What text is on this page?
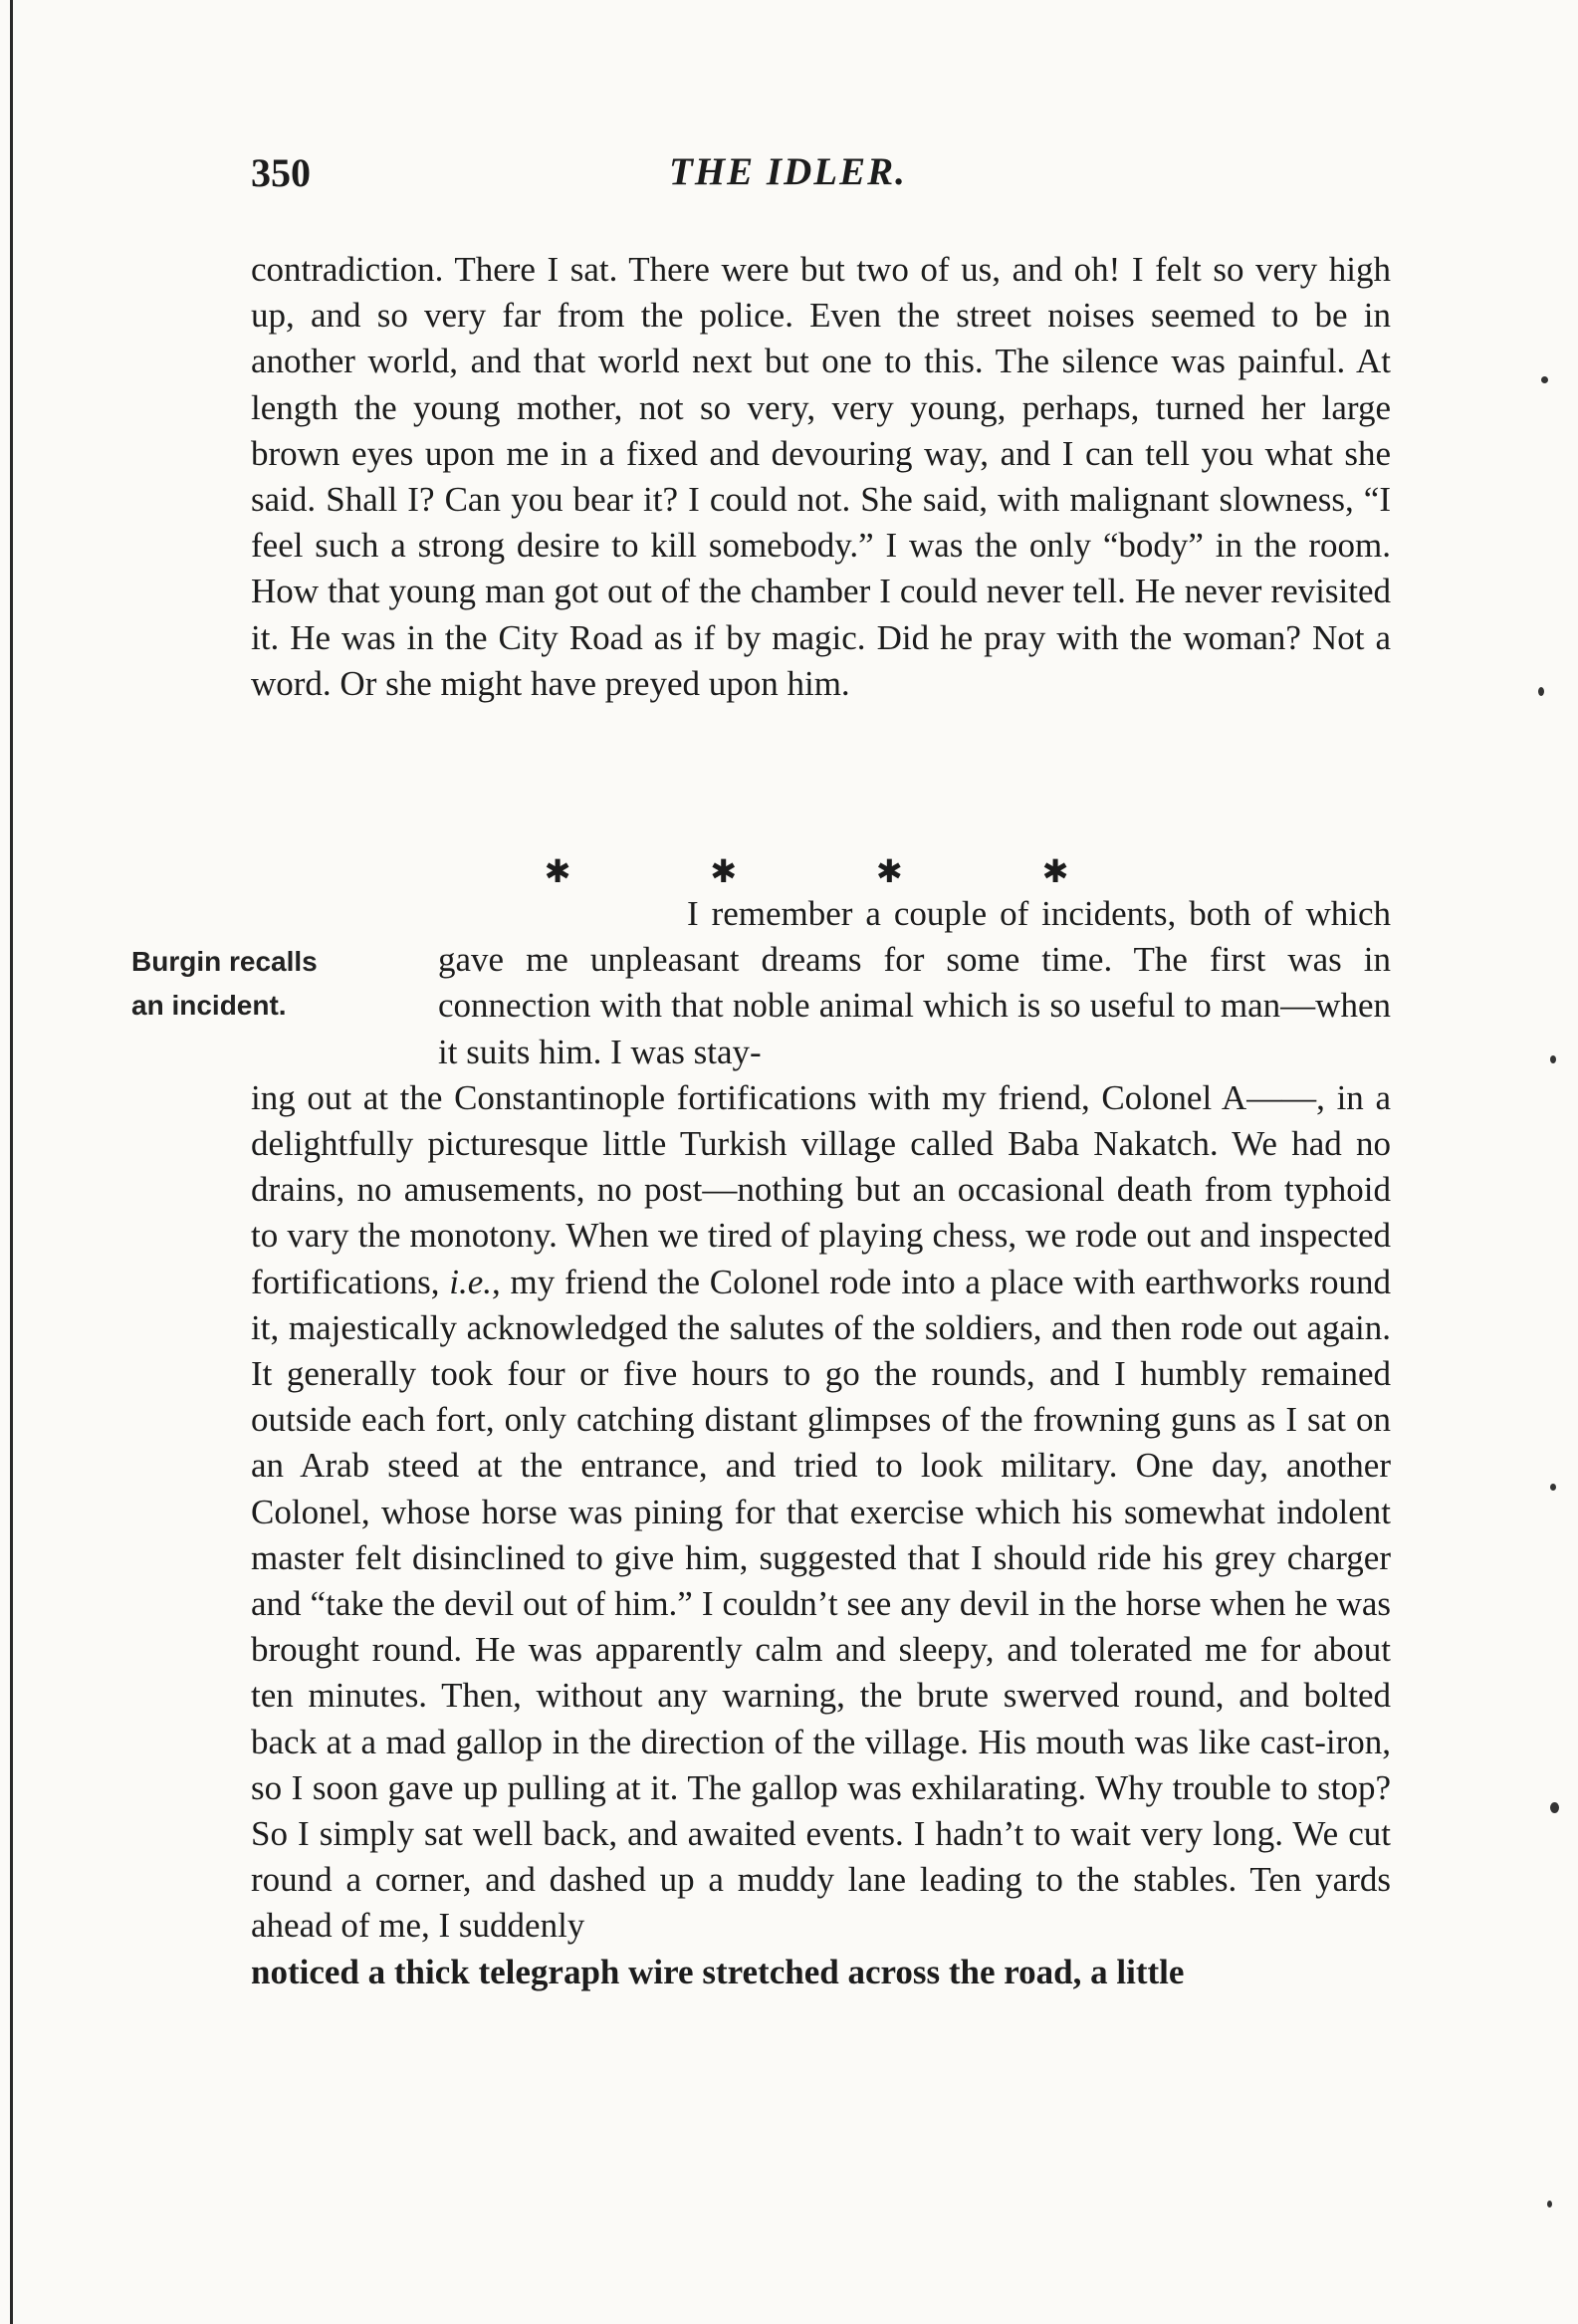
350	THE IDLER.

contradiction. There I sat. There were but two of us, and oh! I felt so very high up, and so very far from the police. Even the street noises seemed to be in another world, and that world next but one to this. The silence was painful. At length the young mother, not so very, very young, perhaps, turned her large brown eyes upon me in a fixed and devouring way, and I can tell you what she said. Shall I? Can you bear it? I could not. She said, with malignant slowness, “I feel such a strong desire to kill somebody.” I was the only “body” in the room. How that young man got out of the chamber I could never tell. He never revisited it. He was in the City Road as if by magic. Did he pray with the woman? Not a word. Or she might have preyed upon him.

✱	✱	✱	✱
Burgin recalls
an incident.

I remember a couple of incidents, both of which gave me unpleasant dreams for some time. The first was in connection with that noble animal which is so useful to man—when it suits him. I was stay-

ing out at the Constantinople fortifications with my friend, Colonel A——, in a delightfully picturesque little Turkish village called Baba Nakatch. We had no drains, no amusements, no post—nothing but an occasional death from typhoid to vary the monotony. When we tired of playing chess, we rode out and inspected fortifications, i.e., my friend the Colonel rode into a place with earthworks round it, majestically acknowledged the salutes of the soldiers, and then rode out again. It generally took four or five hours to go the rounds, and I humbly remained outside each fort, only catching distant glimpses of the frowning guns as I sat on an Arab steed at the entrance, and tried to look military. One day, another Colonel, whose horse was pining for that exercise which his somewhat indolent master felt disinclined to give him, suggested that I should ride his grey charger and “take the devil out of him.” I couldn’t see any devil in the horse when he was brought round. He was apparently calm and sleepy, and tolerated me for about ten minutes. Then, without any warning, the brute swerved round, and bolted back at a mad gallop in the direction of the village. His mouth was like cast-iron, so I soon gave up pulling at it. The gallop was exhilarating. Why trouble to stop? So I simply sat well back, and awaited events. I hadn’t to wait very long. We cut round a corner, and dashed up a muddy lane leading to the stables. Ten yards ahead of me, I suddenly

noticed a thick telegraph wire stretched across the road, a little
